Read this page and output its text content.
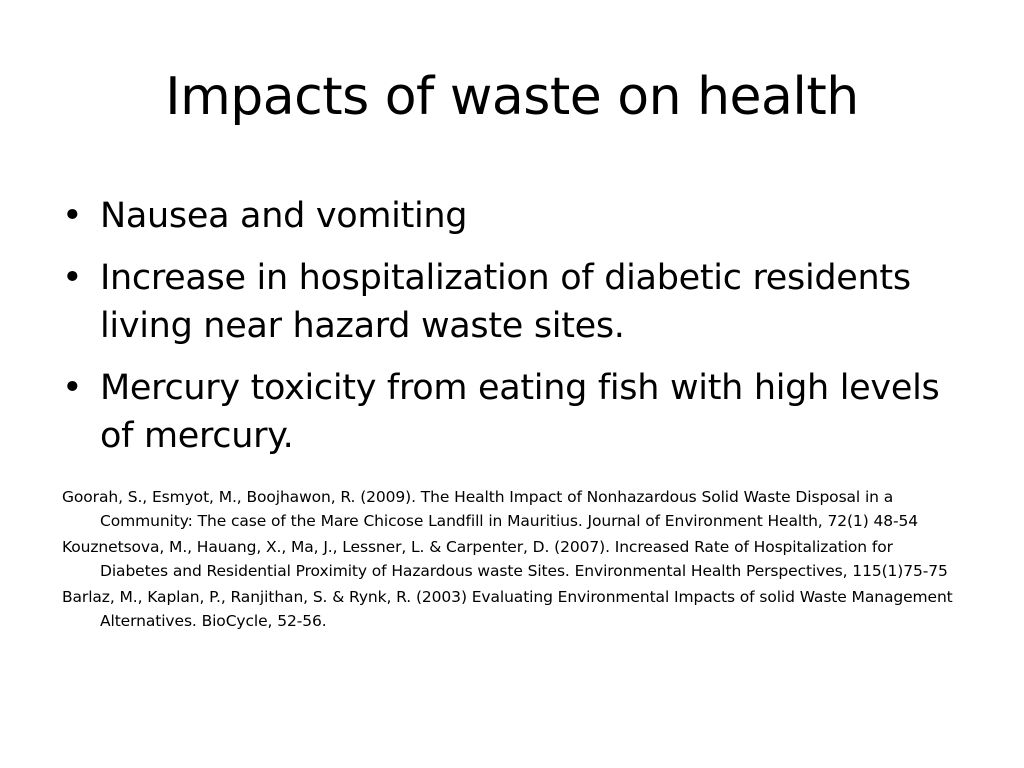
Impacts of waste on health
• Nausea and vomiting
• Increase in hospitalization of diabetic residents living near hazard waste sites.
• Mercury toxicity from eating fish with high levels of mercury.

Goorah, S., Esmyot, M., Boojhawon, R. (2009). The Health Impact of Nonhazardous Solid Waste Disposal in a Community: The case of the Mare Chicose Landfill in Mauritius. Journal of Environment Health, 72(1) 48-54

Kouznetsova, M., Hauang, X., Ma, J., Lessner, L. & Carpenter, D. (2007). Increased Rate of Hospitalization for Diabetes and Residential Proximity of Hazardous waste Sites. Environmental Health Perspectives, 115(1)75-75

Barlaz, M., Kaplan, P., Ranjithan, S. & Rynk, R. (2003) Evaluating Environmental Impacts of solid Waste Management Alternatives. BioCycle, 52-56.
